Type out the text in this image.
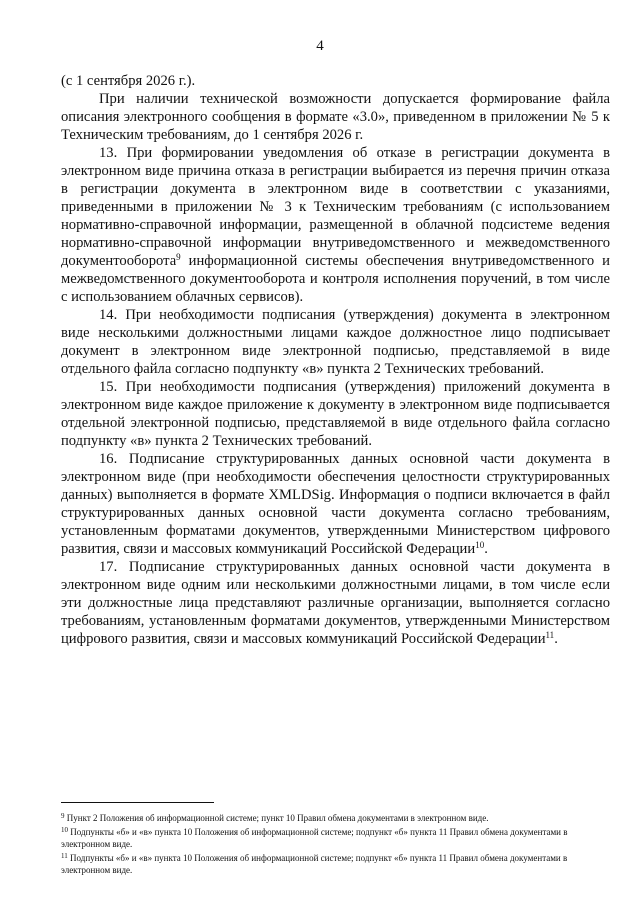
4

(с 1 сентября 2026 г.).

При наличии технической возможности допускается формирование файла описания электронного сообщения в формате «3.0», приведенном в приложении № 5 к Техническим требованиям, до 1 сентября 2026 г.

13. При формировании уведомления об отказе в регистрации документа в электронном виде причина отказа в регистрации выбирается из перечня причин отказа в регистрации документа в электронном виде в соответствии с указаниями, приведенными в приложении № 3 к Техническим требованиям (с использованием нормативно-справочной информации, размещенной в облачной подсистеме ведения нормативно-справочной информации внутриведомственного и межведомственного документооборота$^9$ информационной системы обеспечения внутриведомственного и межведомственного документооборота и контроля исполнения поручений, в том числе с использованием облачных сервисов).

14. При необходимости подписания (утверждения) документа в электронном виде несколькими должностными лицами каждое должностное лицо подписывает документ в электронном виде электронной подписью, представляемой в виде отдельного файла согласно подпункту «в» пункта 2 Технических требований.

15. При необходимости подписания (утверждения) приложений документа в электронном виде каждое приложение к документу в электронном виде подписывается отдельной электронной подписью, представляемой в виде отдельного файла согласно подпункту «в» пункта 2 Технических требований.

16. Подписание структурированных данных основной части документа в электронном виде (при необходимости обеспечения целостности структурированных данных) выполняется в формате XMLDSig. Информация о подписи включается в файл структурированных данных основной части документа согласно требованиям, установленным форматами документов, утвержденными Министерством цифрового развития, связи и массовых коммуникаций Российской Федерации$^{10}$.

17. Подписание структурированных данных основной части документа в электронном виде одним или несколькими должностными лицами, в том числе если эти должностные лица представляют различные организации, выполняется согласно требованиям, установленным форматами документов, утвержденными Министерством цифрового развития, связи и массовых коммуникаций Российской Федерации$^{11}$.

$^9$ Пункт 2 Положения об информационной системе; пункт 10 Правил обмена документами в электронном виде.
$^{10}$ Подпункты «б» и «в» пункта 10 Положения об информационной системе; подпункт «б» пункта 11 Правил обмена документами в электронном виде.
$^{11}$ Подпункты «б» и «в» пункта 10 Положения об информационной системе; подпункт «б» пункта 11 Правил обмена документами в электронном виде.
